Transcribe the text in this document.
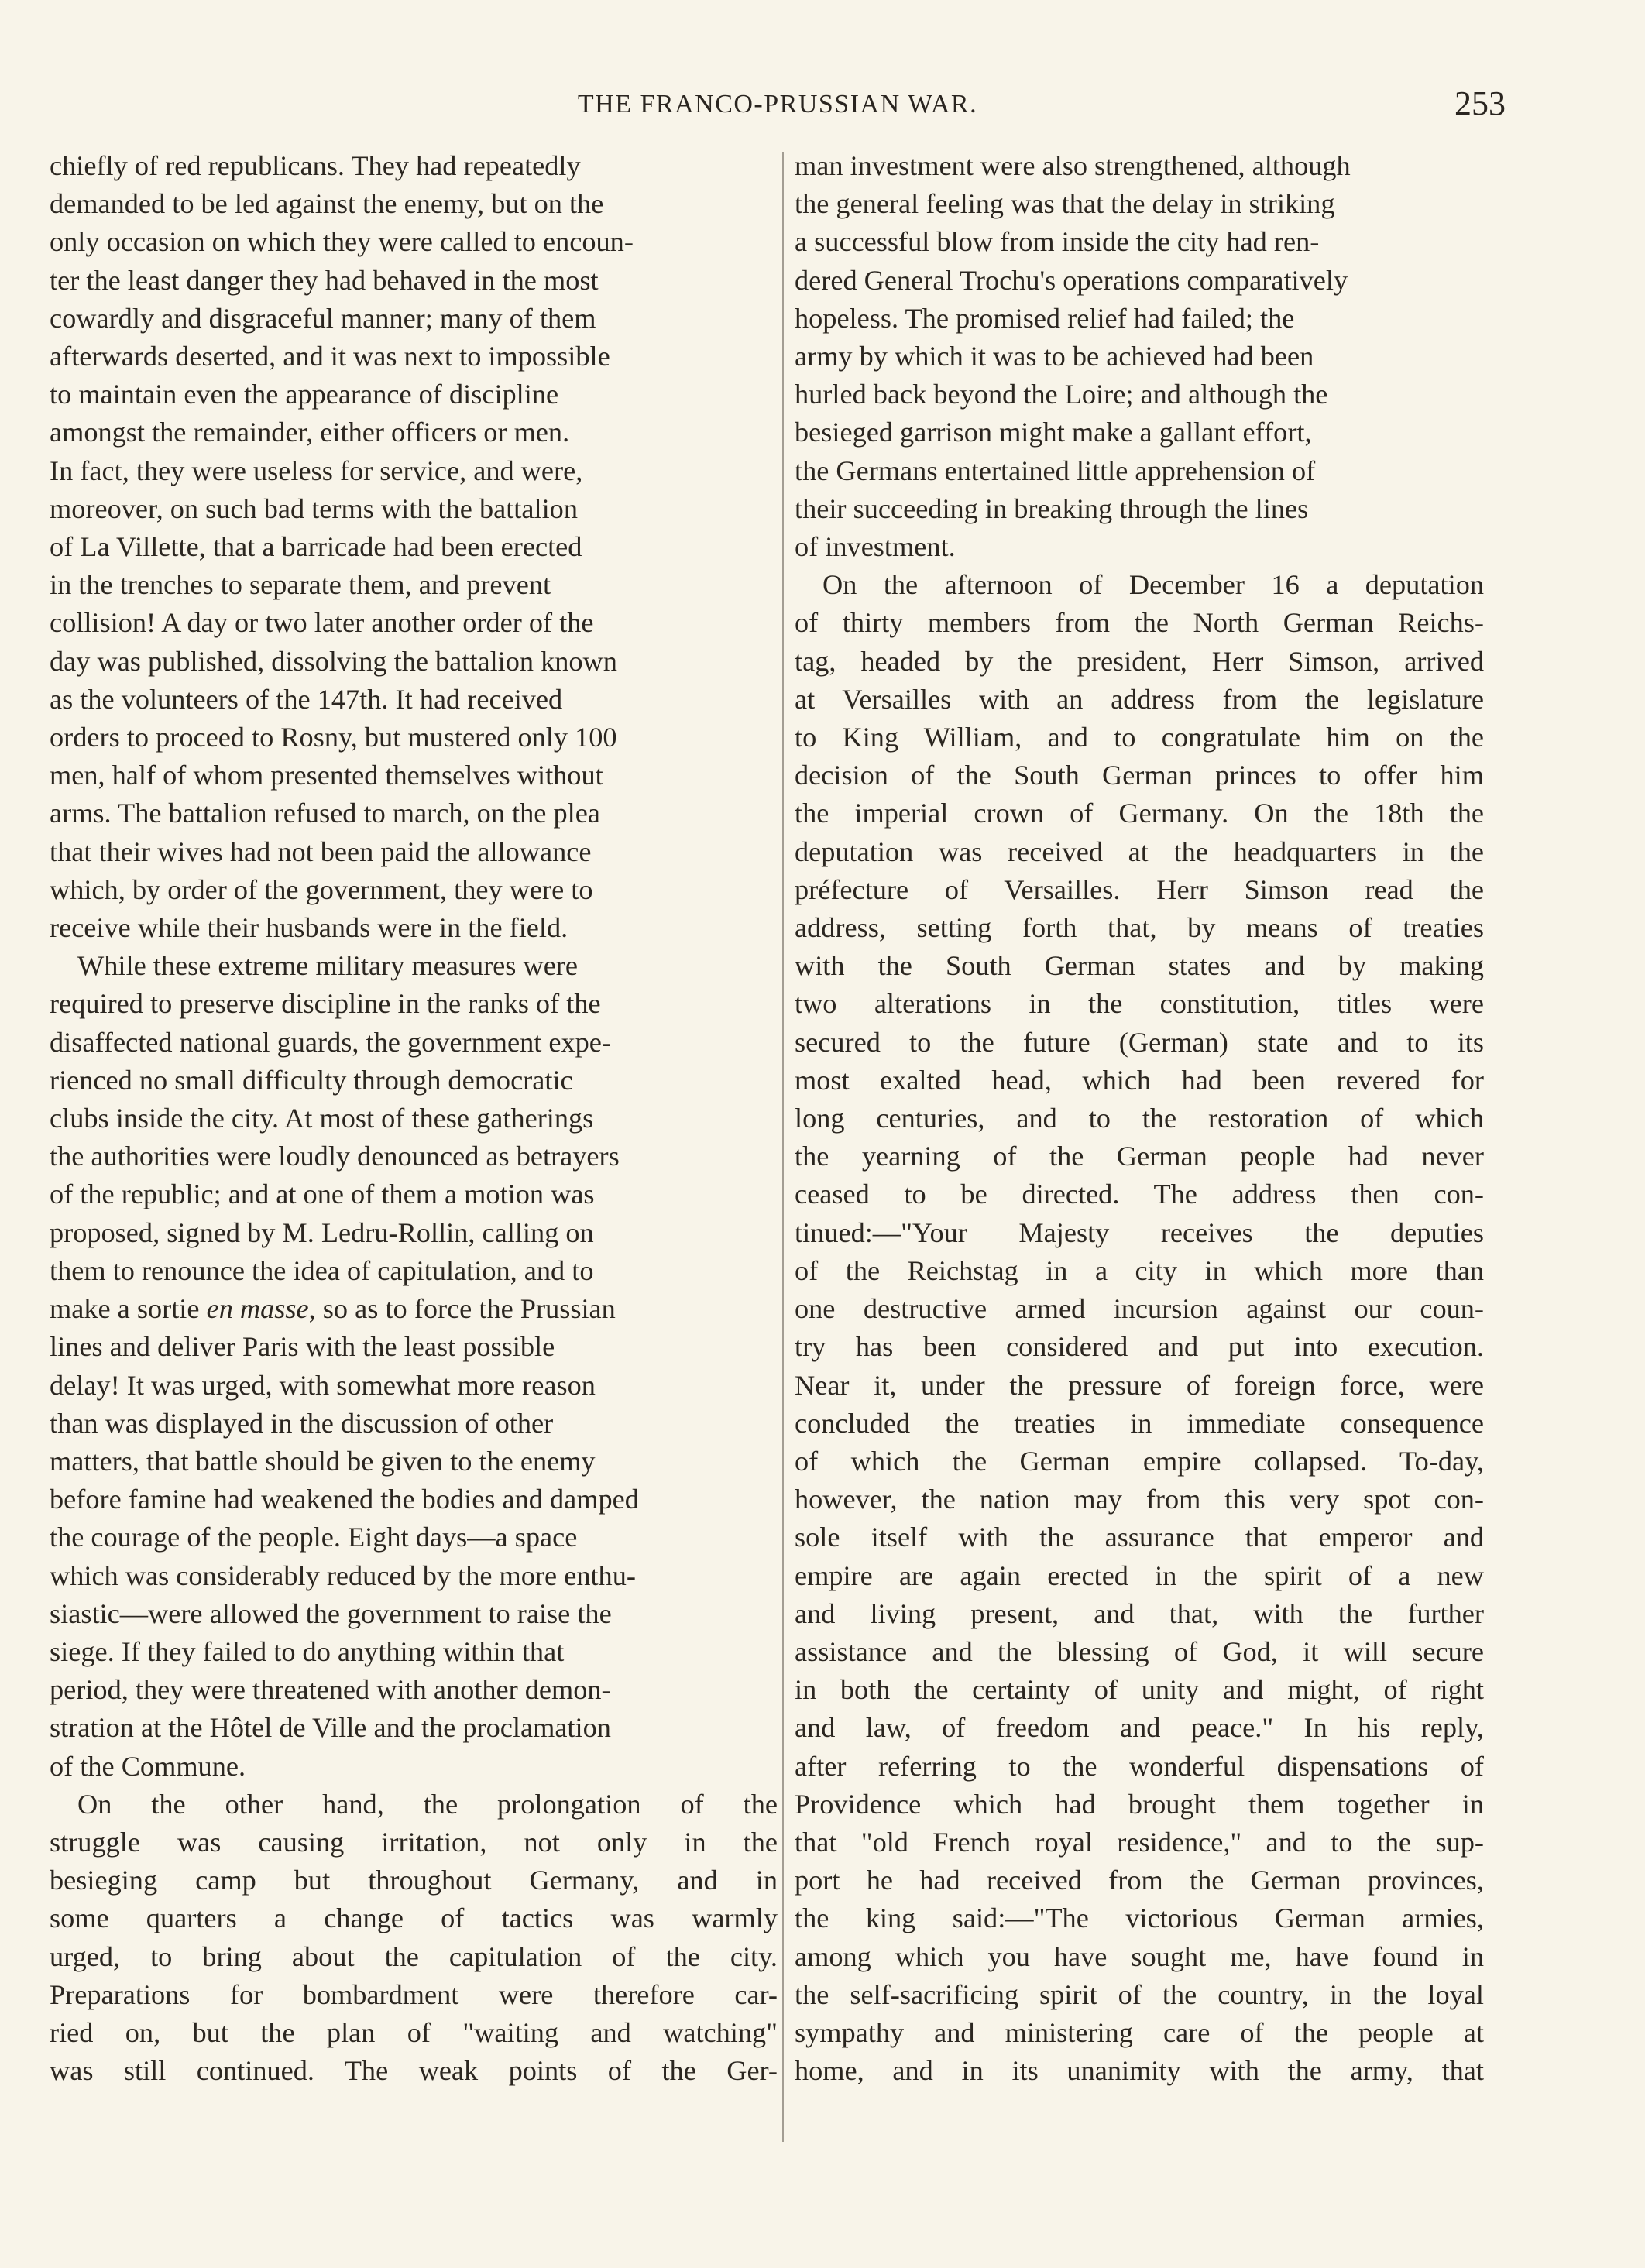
THE FRANCO-PRUSSIAN WAR.	253

chiefly of red republicans. They had repeatedly
demanded to be led against the enemy, but on the
only occasion on which they were called to encoun-
ter the least danger they had behaved in the most
cowardly and disgraceful manner; many of them
afterwards deserted, and it was next to impossible
to maintain even the appearance of discipline
amongst the remainder, either officers or men.
In fact, they were useless for service, and were,
moreover, on such bad terms with the battalion
of La Villette, that a barricade had been erected
in the trenches to separate them, and prevent
collision! A day or two later another order of the
day was published, dissolving the battalion known
as the volunteers of the 147th. It had received
orders to proceed to Rosny, but mustered only 100
men, half of whom presented themselves without
arms. The battalion refused to march, on the plea
that their wives had not been paid the allowance
which, by order of the government, they were to
receive while their husbands were in the field.

While these extreme military measures were
required to preserve discipline in the ranks of the
disaffected national guards, the government expe-
rienced no small difficulty through democratic
clubs inside the city. At most of these gatherings
the authorities were loudly denounced as betrayers
of the republic; and at one of them a motion was
proposed, signed by M. Ledru-Rollin, calling on
them to renounce the idea of capitulation, and to
make a sortie en masse, so as to force the Prussian
lines and deliver Paris with the least possible
delay! It was urged, with somewhat more reason
than was displayed in the discussion of other
matters, that battle should be given to the enemy
before famine had weakened the bodies and damped
the courage of the people. Eight days—a space
which was considerably reduced by the more enthu-
siastic—were allowed the government to raise the
siege. If they failed to do anything within that
period, they were threatened with another demon-
stration at the Hôtel de Ville and the proclamation
of the Commune.

On the other hand, the prolongation of the
struggle was causing irritation, not only in the
besieging camp but throughout Germany, and in
some quarters a change of tactics was warmly
urged, to bring about the capitulation of the city.
Preparations for bombardment were therefore car-
ried on, but the plan of "waiting and watching"
was still continued. The weak points of the Ger-

man investment were also strengthened, although
the general feeling was that the delay in striking
a successful blow from inside the city had ren-
dered General Trochu's operations comparatively
hopeless. The promised relief had failed; the
army by which it was to be achieved had been
hurled back beyond the Loire; and although the
besieged garrison might make a gallant effort,
the Germans entertained little apprehension of
their succeeding in breaking through the lines
of investment.

On the afternoon of December 16 a deputation
of thirty members from the North German Reichs-
tag, headed by the president, Herr Simson, arrived
at Versailles with an address from the legislature
to King William, and to congratulate him on the
decision of the South German princes to offer him
the imperial crown of Germany. On the 18th the
deputation was received at the headquarters in the
préfecture of Versailles. Herr Simson read the
address, setting forth that, by means of treaties
with the South German states and by making
two alterations in the constitution, titles were
secured to the future (German) state and to its
most exalted head, which had been revered for
long centuries, and to the restoration of which
the yearning of the German people had never
ceased to be directed. The address then con-
tinued:—"Your Majesty receives the deputies
of the Reichstag in a city in which more than
one destructive armed incursion against our coun-
try has been considered and put into execution.
Near it, under the pressure of foreign force, were
concluded the treaties in immediate consequence
of which the German empire collapsed. To-day,
however, the nation may from this very spot con-
sole itself with the assurance that emperor and
empire are again erected in the spirit of a new
and living present, and that, with the further
assistance and the blessing of God, it will secure
in both the certainty of unity and might, of right
and law, of freedom and peace." In his reply,
after referring to the wonderful dispensations of
Providence which had brought them together in
that "old French royal residence," and to the sup-
port he had received from the German provinces,
the king said:—"The victorious German armies,
among which you have sought me, have found in
the self-sacrificing spirit of the country, in the loyal
sympathy and ministering care of the people at
home, and in its unanimity with the army, that
